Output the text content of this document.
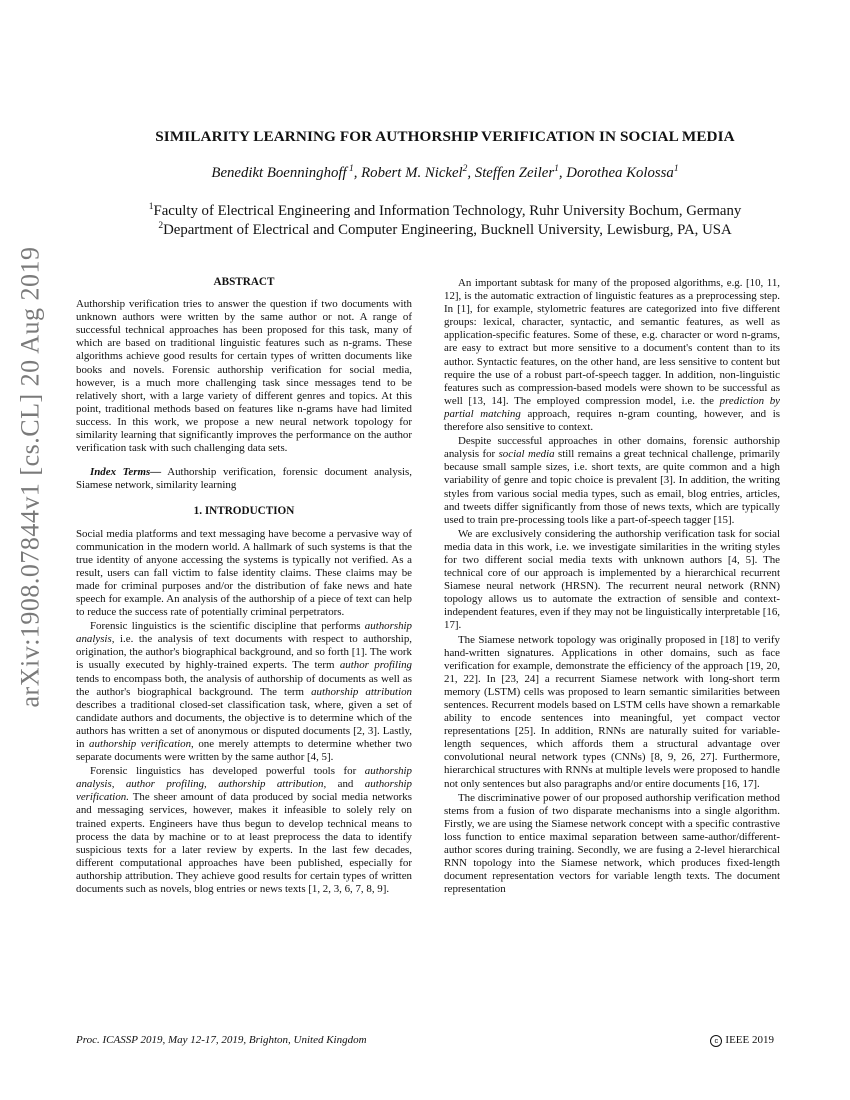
arXiv:1908.07844v1 [cs.CL] 20 Aug 2019
SIMILARITY LEARNING FOR AUTHORSHIP VERIFICATION IN SOCIAL MEDIA
Benedikt Boenninghoff $^1$, Robert M. Nickel$^2$, Steffen Zeiler$^1$, Dorothea Kolossa$^1$
$^1$Faculty of Electrical Engineering and Information Technology, Ruhr University Bochum, Germany
$^2$Department of Electrical and Computer Engineering, Bucknell University, Lewisburg, PA, USA
ABSTRACT

Authorship verification tries to answer the question if two documents with unknown authors were written by the same author or not. A range of successful technical approaches has been proposed for this task, many of which are based on traditional linguistic features such as n-grams. These algorithms achieve good results for certain types of written documents like books and novels. Forensic authorship verification for social media, however, is a much more challenging task since messages tend to be relatively short, with a large variety of different genres and topics. At this point, traditional methods based on features like n-grams have had limited success. In this work, we propose a new neural network topology for similarity learning that significantly improves the performance on the author verification task with such challenging data sets.

Index Terms— Authorship verification, forensic document analysis, Siamese network, similarity learning

1. INTRODUCTION

Social media platforms and text messaging have become a pervasive way of communication in the modern world. A hallmark of such systems is that the true identity of anyone accessing the systems is typically not verified. As a result, users can fall victim to false identity claims. These claims may be made for criminal purposes and/or the distribution of fake news and hate speech for example. An analysis of the authorship of a piece of text can help to reduce the success rate of potentially criminal perpetrators.

Forensic linguistics is the scientific discipline that performs authorship analysis, i.e. the analysis of text documents with respect to authorship, origination, the author's biographical background, and so forth [1]. The work is usually executed by highly-trained experts. The term author profiling tends to encompass both, the analysis of authorship of documents as well as the author's biographical background. The term authorship attribution describes a traditional closed-set classification task, where, given a set of candidate authors and documents, the objective is to determine which of the authors has written a set of anonymous or disputed documents [2, 3]. Lastly, in authorship verification, one merely attempts to determine whether two separate documents were written by the same author [4, 5].

Forensic linguistics has developed powerful tools for authorship analysis, author profiling, authorship attribution, and authorship verification. The sheer amount of data produced by social media networks and messaging services, however, makes it infeasible to solely rely on trained experts. Engineers have thus begun to develop technical means to process the data by machine or to at least preprocess the data to identify suspicious texts for a later review by experts. In the last few decades, different computational approaches have been published, especially for authorship attribution. They achieve good results for certain types of written documents such as novels, blog entries or news texts [1, 2, 3, 6, 7, 8, 9].

An important subtask for many of the proposed algorithms, e.g. [10, 11, 12], is the automatic extraction of linguistic features as a preprocessing step. In [1], for example, stylometric features are categorized into five different groups: lexical, character, syntactic, and semantic features, as well as application-specific features. Some of these, e.g. character or word n-grams, are easy to extract but more sensitive to a document's content than to its author. Syntactic features, on the other hand, are less sensitive to content but require the use of a robust part-of-speech tagger. In addition, non-linguistic features such as compression-based models were shown to be successful as well [13, 14]. The employed compression model, i.e. the prediction by partial matching approach, requires n-gram counting, however, and is therefore also sensitive to context.

Despite successful approaches in other domains, forensic authorship analysis for social media still remains a great technical challenge, primarily because small sample sizes, i.e. short texts, are quite common and a high variability of genre and topic choice is prevalent [3]. In addition, the writing styles from various social media types, such as email, blog entries, articles, and tweets differ significantly from those of news texts, which are typically used to train pre-processing tools like a part-of-speech tagger [15].

We are exclusively considering the authorship verification task for social media data in this work, i.e. we investigate similarities in the writing styles for two different social media texts with unknown authors [4, 5]. The technical core of our approach is implemented by a hierarchical recurrent Siamese neural network (HRSN). The recurrent neural network (RNN) topology allows us to automate the extraction of sensible and context-independent features, even if they may not be linguistically interpretable [16, 17].

The Siamese network topology was originally proposed in [18] to verify hand-written signatures. Applications in other domains, such as face verification for example, demonstrate the efficiency of the approach [19, 20, 21, 22]. In [23, 24] a recurrent Siamese network with long-short term memory (LSTM) cells was proposed to learn semantic similarities between sentences. Recurrent models based on LSTM cells have shown a remarkable ability to encode sentences into meaningful, yet compact vector representations [25]. In addition, RNNs are naturally suited for variable-length sequences, which affords them a structural advantage over convolutional neural network types (CNNs) [8, 9, 26, 27]. Furthermore, hierarchical structures with RNNs at multiple levels were proposed to handle not only sentences but also paragraphs and/or entire documents [16, 17].

The discriminative power of our proposed authorship verification method stems from a fusion of two disparate mechanisms into a single algorithm. Firstly, we are using the Siamese network concept with a specific contrastive loss function to entice maximal separation between same-author/different-author scores during training. Secondly, we are fusing a 2-level hierarchical RNN topology into the Siamese network, which produces fixed-length document representation vectors for variable length texts. The document representation

Proc. ICASSP 2019, May 12-17, 2019, Brighton, United Kingdom	c IEEE 2019
